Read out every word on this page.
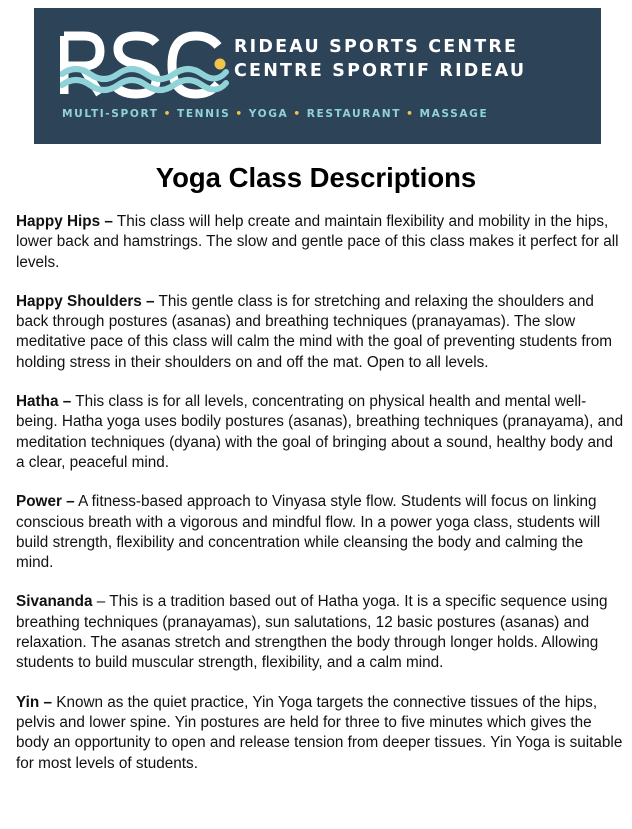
RIDEAU SPORTS CENTRE
CENTRE SPORTIF RIDEAU
MULTI-SPORT • TENNIS • YOGA • RESTAURANT • MASSAGE
Yoga Class Descriptions

Happy Hips – This class will help create and maintain flexibility and mobility in the hips, lower back and hamstrings. The slow and gentle pace of this class makes it perfect for all levels.

Happy Shoulders – This gentle class is for stretching and relaxing the shoulders and back through postures (asanas) and breathing techniques (pranayamas). The slow meditative pace of this class will calm the mind with the goal of preventing students from holding stress in their shoulders on and off the mat. Open to all levels.

Hatha – This class is for all levels, concentrating on physical health and mental well-being. Hatha yoga uses bodily postures (asanas), breathing techniques (pranayama), and meditation techniques (dyana) with the goal of bringing about a sound, healthy body and a clear, peaceful mind.

Power – A fitness-based approach to Vinyasa style flow. Students will focus on linking conscious breath with a vigorous and mindful flow. In a power yoga class, students will build strength, flexibility and concentration while cleansing the body and calming the mind.

Sivananda – This is a tradition based out of Hatha yoga. It is a specific sequence using breathing techniques (pranayamas), sun salutations, 12 basic postures (asanas) and relaxation. The asanas stretch and strengthen the body through longer holds. Allowing students to build muscular strength, flexibility, and a calm mind.

Yin – Known as the quiet practice, Yin Yoga targets the connective tissues of the hips, pelvis and lower spine. Yin postures are held for three to five minutes which gives the body an opportunity to open and release tension from deeper tissues. Yin Yoga is suitable for most levels of students.
